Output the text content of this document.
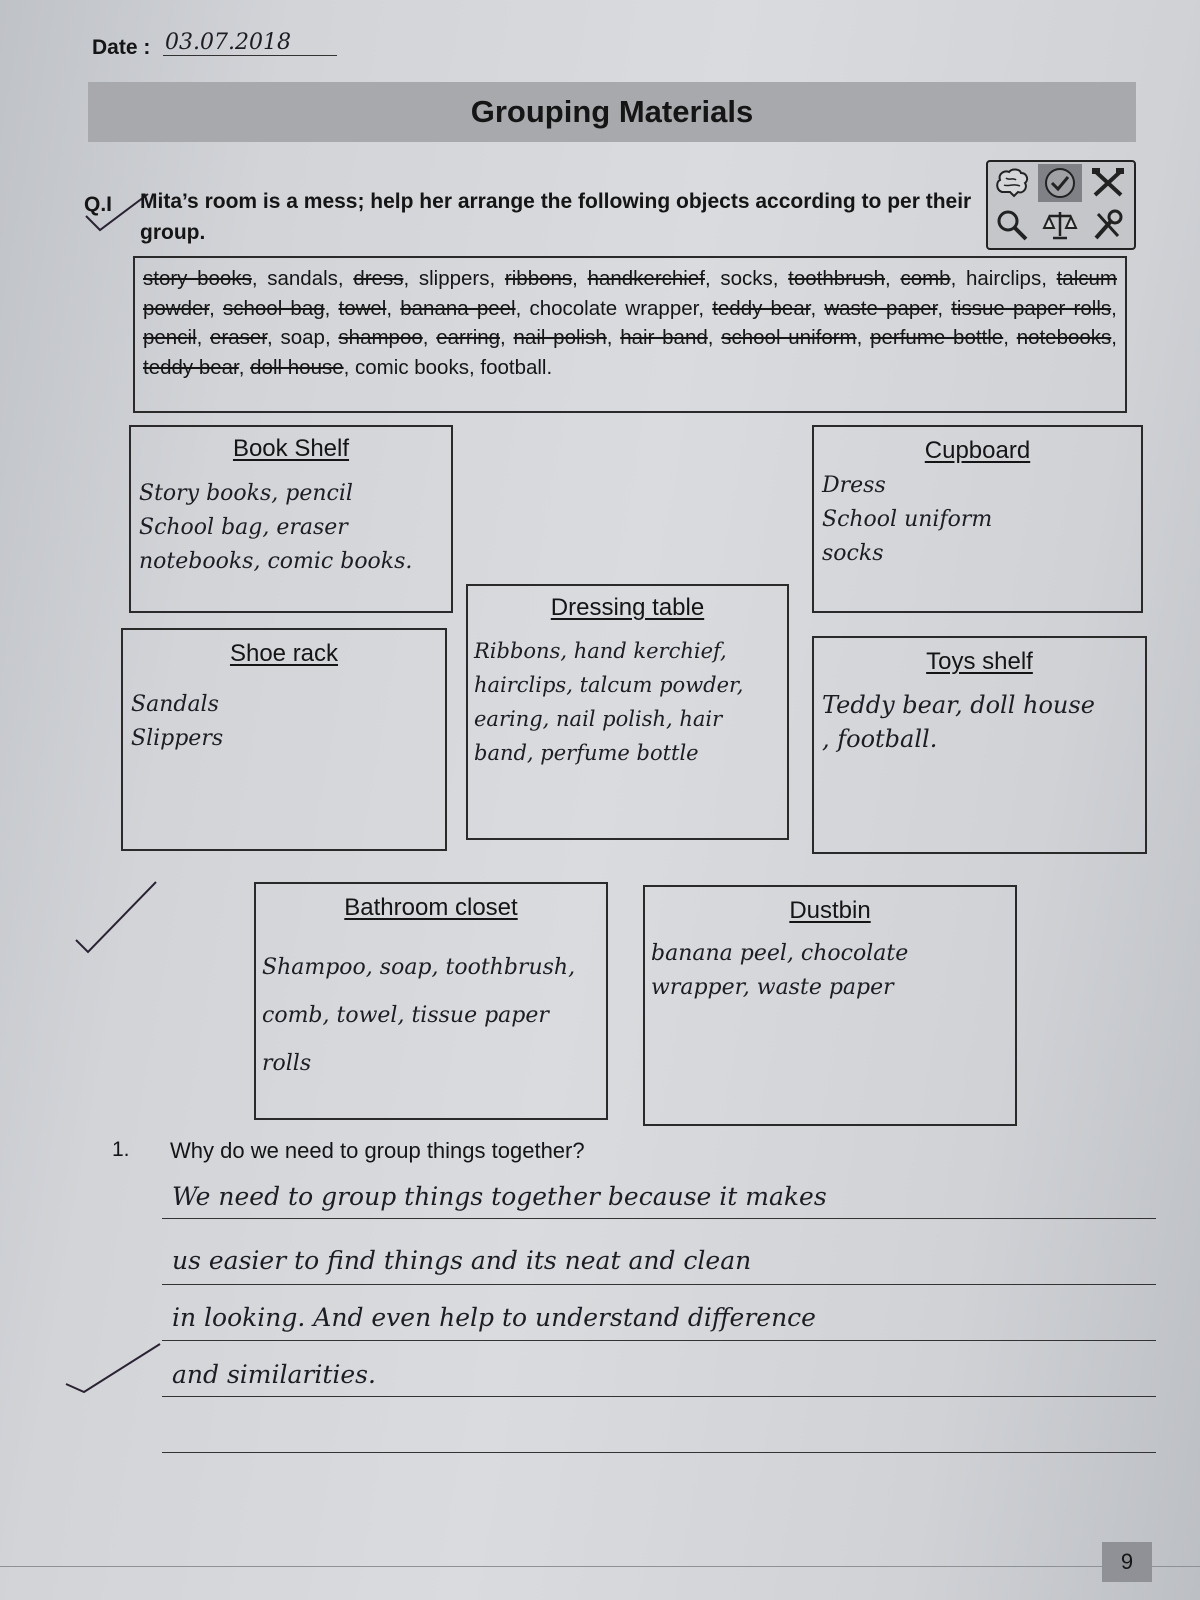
Date : 03.07.2018
Grouping Materials
Q.I Mita’s room is a mess; help her arrange the following objects according to per their group.
story books, sandals, dress, slippers, ribbons, handkerchief, socks, toothbrush, comb, hairclips, talcum powder, school bag, towel, banana peel, chocolate wrapper, teddy bear, waste paper, tissue paper rolls, pencil, eraser, soap, shampoo, earring, nail polish, hair band, school uniform, perfume bottle, notebooks, teddy bear, doll house, comic books, football.
Book Shelf
Story books, pencil
School bag, eraser
notebooks, comic books.
Cupboard
Dress
School uniform
socks
Dressing table
Ribbons, hand kerchief,
hairclips, talcum powder,
earing, nail polish, hair
band, perfume bottle
Shoe rack
Sandals
Slippers
Toys shelf
Teddy bear, doll house
, football.
Bathroom closet
Shampoo, soap, toothbrush,
comb, towel, tissue paper
rolls
Dustbin
banana peel, chocolate
wrapper, waste paper
1. Why do we need to group things together?
We need to group things together because it makes
us easier to find things and its neat and clean
in looking. And even help to understand difference
and similarities.
9
